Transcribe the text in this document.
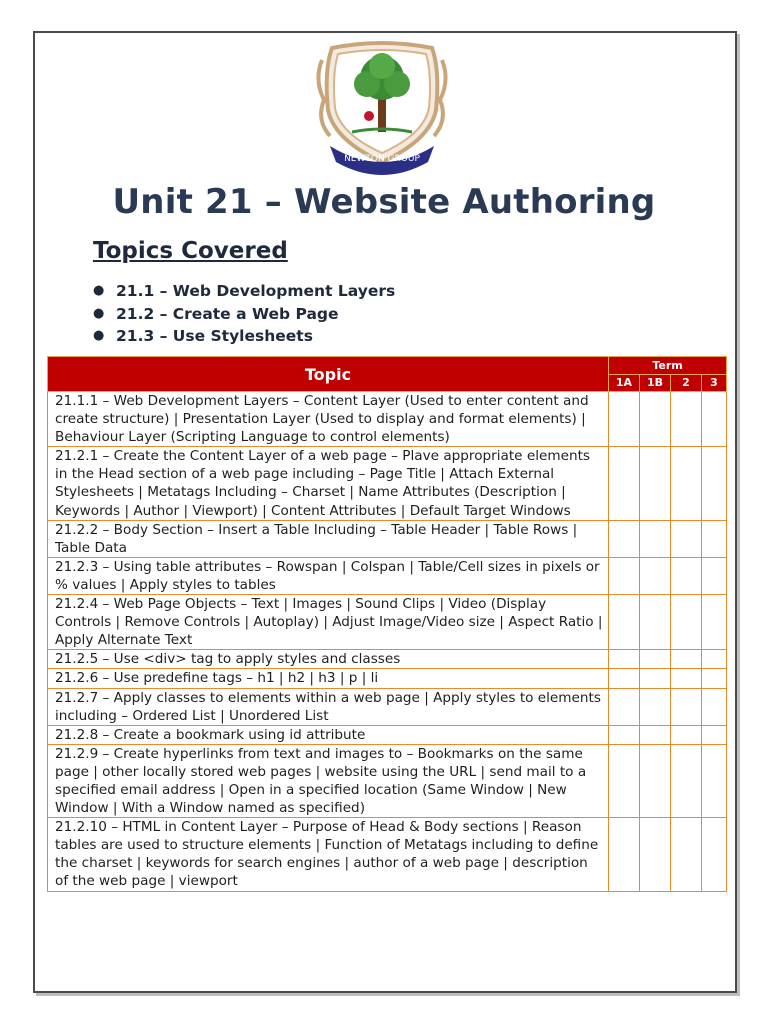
NEWTON GROUP
Unit 21 – Website Authoring
Topics Covered
● 21.1 – Web Development Layers
● 21.2 – Create a Web Page
● 21.3 – Use Stylesheets
Topic	Term			
	1A	1B	2	3

21.1.1 – Web Development Layers – Content Layer (Used to enter content and create structure) | Presentation Layer (Used to display and format elements) | Behaviour Layer (Scripting Language to control elements)				

21.2.1 – Create the Content Layer of a web page – Plave appropriate elements in the Head section of a web page including – Page Title | Attach External Stylesheets | Metatags Including – Charset | Name Attributes (Description | Keywords | Author | Viewport) | Content Attributes | Default Target Windows				

21.2.2 – Body Section – Insert a Table Including – Table Header | Table Rows | Table Data				

21.2.3 – Using table attributes – Rowspan | Colspan | Table/Cell sizes in pixels or % values | Apply styles to tables				

21.2.4 – Web Page Objects – Text | Images | Sound Clips | Video (Display Controls | Remove Controls | Autoplay) | Adjust Image/Video size | Aspect Ratio | Apply Alternate Text				

21.2.5 – Use <div> tag to apply styles and classes				

21.2.6 – Use predefine tags – h1 | h2 | h3 | p | li				

21.2.7 – Apply classes to elements within a web page | Apply styles to elements including – Ordered List | Unordered List				

21.2.8 – Create a bookmark using id attribute				

21.2.9 – Create hyperlinks from text and images to – Bookmarks on the same page | other locally stored web pages | website using the URL | send mail to a specified email address | Open in a specified location (Same Window | New Window | With a Window named as specified)				

21.2.10 – HTML in Content Layer – Purpose of Head & Body sections | Reason tables are used to structure elements | Function of Metatags including to define the charset | keywords for search engines | author of a web page | description of the web page | viewport				
